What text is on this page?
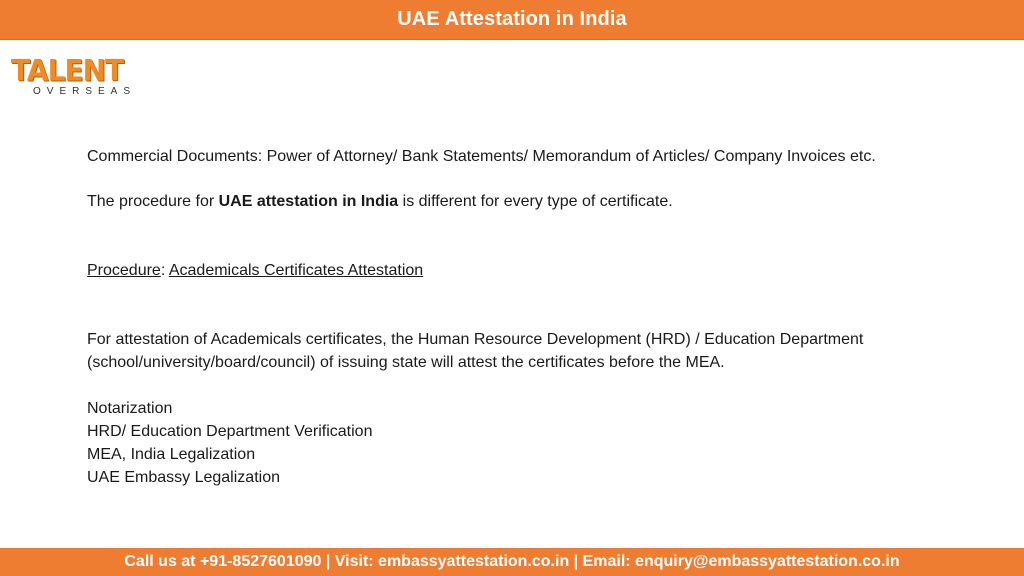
UAE Attestation in India
TALENT
OVERSEAS
Commercial Documents: Power of Attorney/ Bank Statements/ Memorandum of Articles/ Company Invoices etc.
The procedure for UAE attestation in India is different for every type of certificate.
Procedure: Academicals Certificates Attestation
For attestation of Academicals certificates, the Human Resource Development (HRD) / Education Department
(school/university/board/council) of issuing state will attest the certificates before the MEA.
Notarization
HRD/ Education Department Verification
MEA, India Legalization
UAE Embassy Legalization
Call us at +91-8527601090 | Visit: embassyattestation.co.in | Email: enquiry@embassyattestation.co.in
